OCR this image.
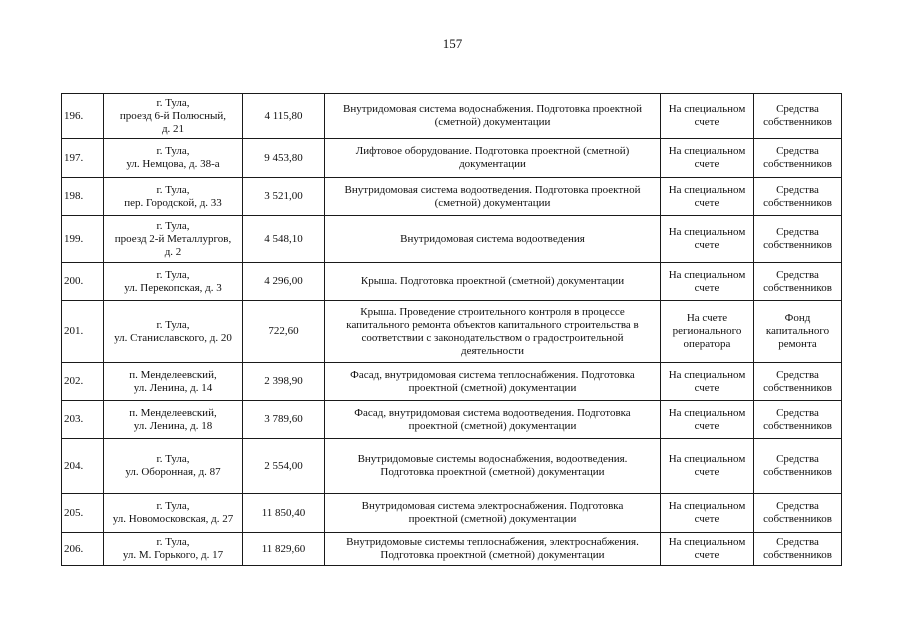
157
196.	г. Тула,
проезд 6-й Полюсный,
д. 21	4 115,80	Внутридомовая система водоснабжения. Подготовка проектной
(сметной) документации	На специальном
счете	Средства
собственников

197.	г. Тула,
ул. Немцова, д. 38-а	9 453,80	Лифтовое оборудование. Подготовка проектной (сметной)
документации	На специальном
счете	Средства
собственников

198.	г. Тула,
пер. Городской, д. 33	3 521,00	Внутридомовая система водоотведения. Подготовка проектной
(сметной) документации	На специальном
счете	Средства
собственников

199.	г. Тула,
проезд 2-й Металлургов,
д. 2	4 548,10	Внутридомовая система водоотведения	На специальном
счете	Средства
собственников

200.	г. Тула,
ул. Перекопская, д. 3	4 296,00	Крыша. Подготовка проектной (сметной) документации	На специальном
счете	Средства
собственников

201.	г. Тула,
ул. Станиславского, д. 20	722,60	Крыша. Проведение строительного контроля в процессе
капитального ремонта объектов капитального строительства в
соответствии с законодательством о градостроительной
деятельности	На счете
регионального
оператора	Фонд
капитального
ремонта

202.	п. Менделеевский,
ул. Ленина, д. 14	2 398,90	Фасад, внутридомовая система теплоснабжения. Подготовка
проектной (сметной) документации	На специальном
счете	Средства
собственников

203.	п. Менделеевский,
ул. Ленина, д. 18	3 789,60	Фасад, внутридомовая система водоотведения. Подготовка
проектной (сметной) документации	На специальном
счете	Средства
собственников

204.	г. Тула,
ул. Оборонная, д. 87	2 554,00	Внутридомовые системы водоснабжения, водоотведения.
Подготовка проектной (сметной) документации	На специальном
счете	Средства
собственников

205.	г. Тула,
ул. Новомосковская, д. 27	11 850,40	Внутридомовая система электроснабжения. Подготовка
проектной (сметной) документации	На специальном
счете	Средства
собственников

206.	г. Тула,
ул. М. Горького, д. 17	11 829,60	Внутридомовые системы теплоснабжения, электроснабжения.
Подготовка проектной (сметной) документации	На специальном
счете	Средства
собственников
